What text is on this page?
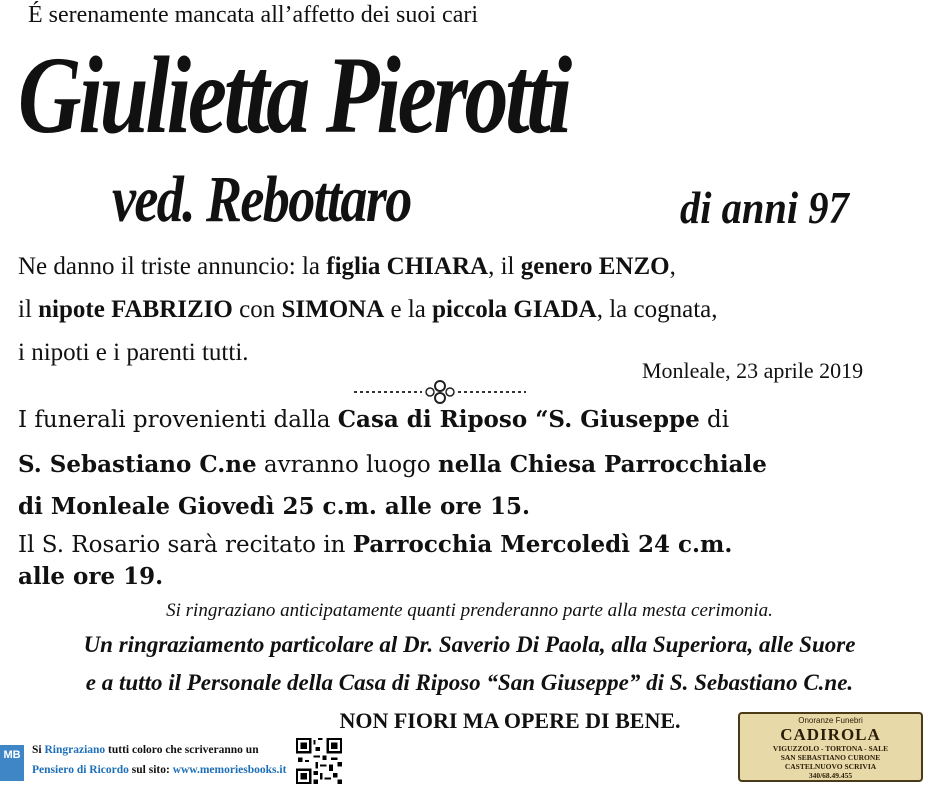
É serenamente mancata all’affetto dei suoi cari
Giulietta Pierotti
ved. Rebottaro	di anni 97
Ne danno il triste annuncio: la figlia CHIARA, il genero ENZO,
il nipote FABRIZIO con SIMONA e la piccola GIADA, la cognata,
i nipoti e i parenti tutti.
Monleale, 23 aprile 2019
I funerali provenienti dalla Casa di Riposo “S. Giuseppe di
S. Sebastiano C.ne avranno luogo nella Chiesa Parrocchiale
di Monleale Giovedì 25 c.m. alle ore 15.
Il S. Rosario sarà recitato in Parrocchia Mercoledì 24 c.m.
alle ore 19.
Si ringraziano anticipatamente quanti prenderanno parte alla mesta cerimonia.
Un ringraziamento particolare al Dr. Saverio Di Paola, alla Superiora, alle Suore
e a tutto il Personale della Casa di Riposo “San Giuseppe” di S. Sebastiano C.ne.
NON FIORI MA OPERE DI BENE.
MB Si Ringraziano tutti coloro che scriveranno un
Pensiero di Ricordo sul sito: www.memoriesbooks.it
Onoranze Funebri
CADIROLA
VIGUZZOLO - TORTONA - SALE
SAN SEBASTIANO CURONE
CASTELNUOVO SCRIVIA
340/68.49.455
